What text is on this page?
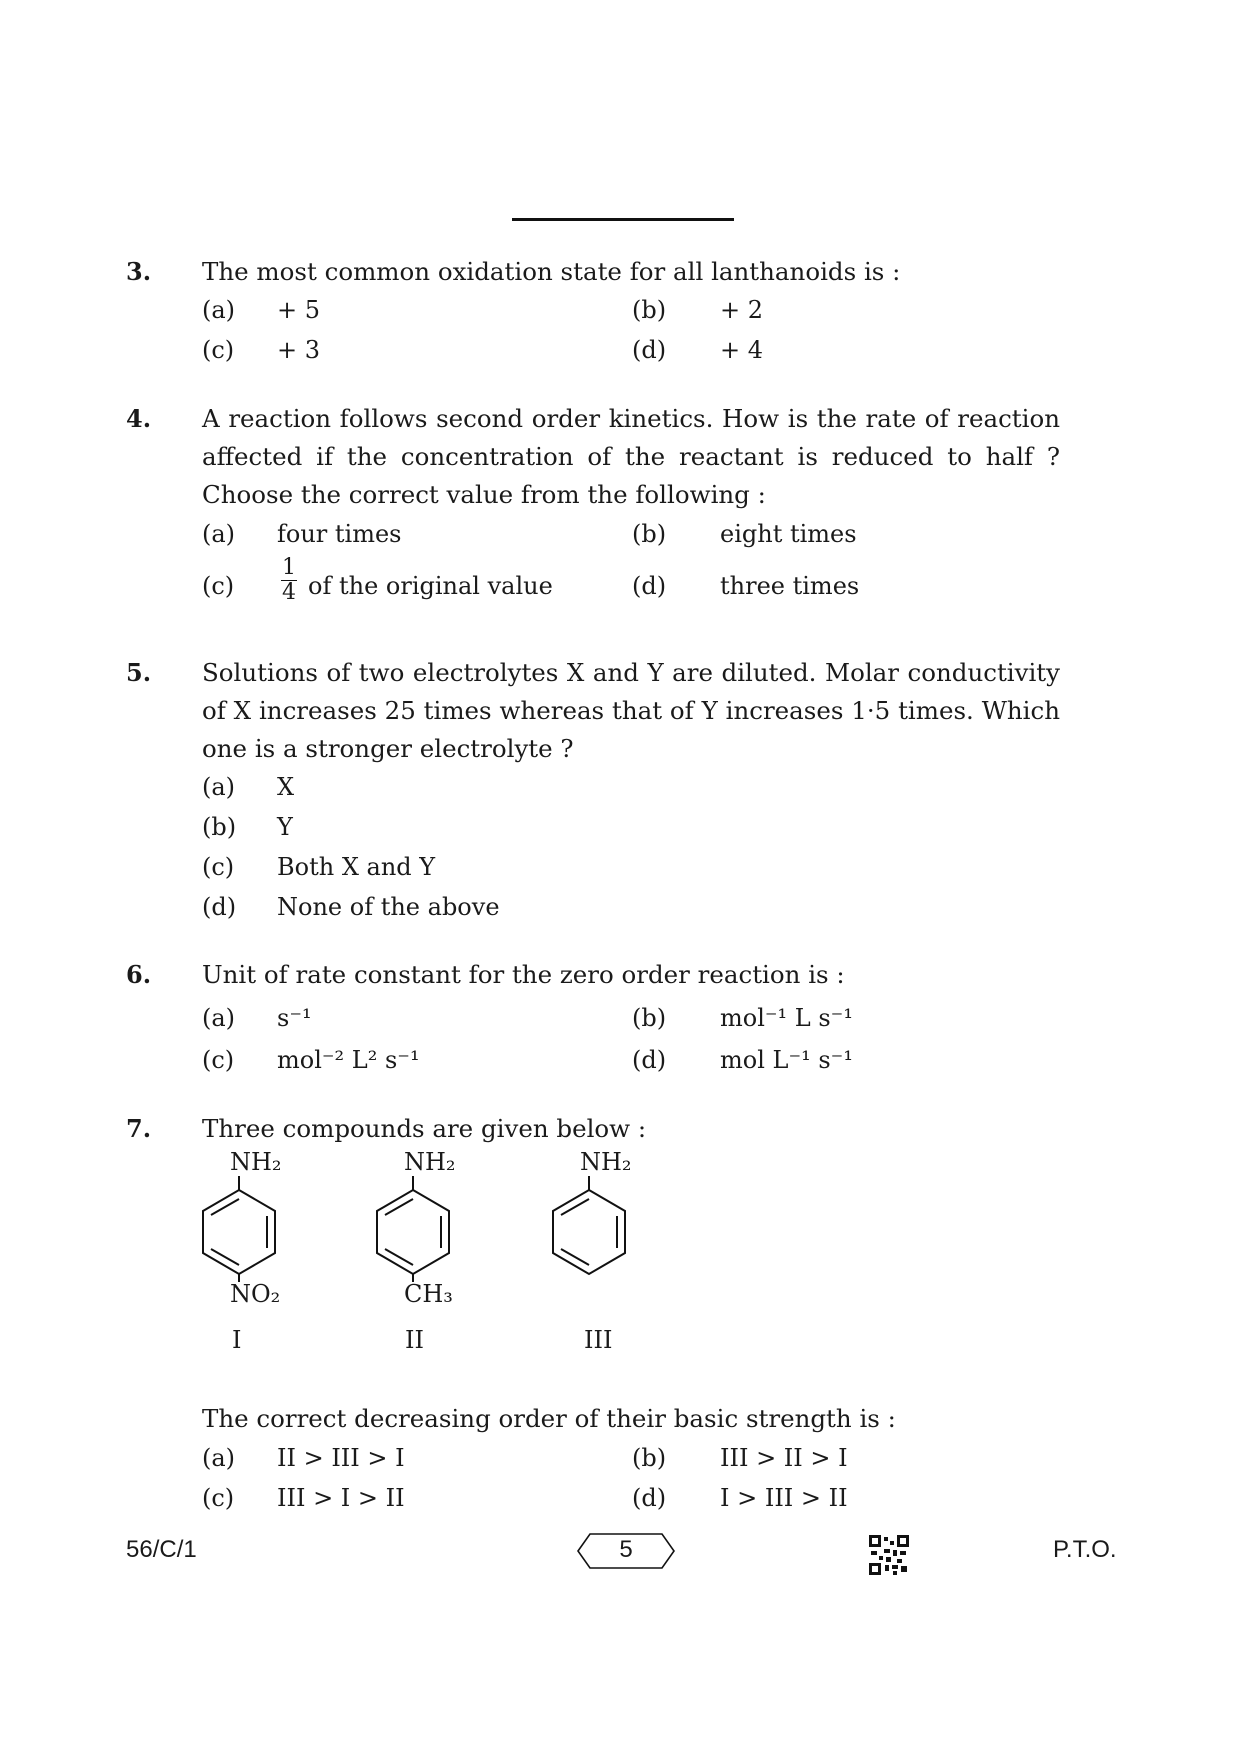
3. The most common oxidation state for all lanthanoids is :
(a) + 5	(b) + 2
(c) + 3	(d) + 4
4. A reaction follows second order kinetics. How is the rate of reaction affected if the concentration of the reactant is reduced to half ? Choose the correct value from the following :
(a) four times	(b) eight times
$(c) \frac{1}{4}$ of the original value	(d) three times
5. Solutions of two electrolytes X and Y are diluted. Molar conductivity of X increases 25 times whereas that of Y increases 1·5 times. Which one is a stronger electrolyte ?
(a) X
(b) Y
(c) Both X and Y
(d) None of the above
6. Unit of rate constant for the zero order reaction is :
(a) s⁻¹	(b) mol⁻¹ L s⁻¹
(c) mol⁻² L² s⁻¹	(d) mol L⁻¹ s⁻¹
7. Three compounds are given below :
NH₂
NO₂
I
NH₂
CH₃
II
NH₂
III
The correct decreasing order of their basic strength is :
(a) II > III > I	(b) III > II > I
(c) III > I > II	(d) I > III > II
56/C/1	5	P.T.O.
